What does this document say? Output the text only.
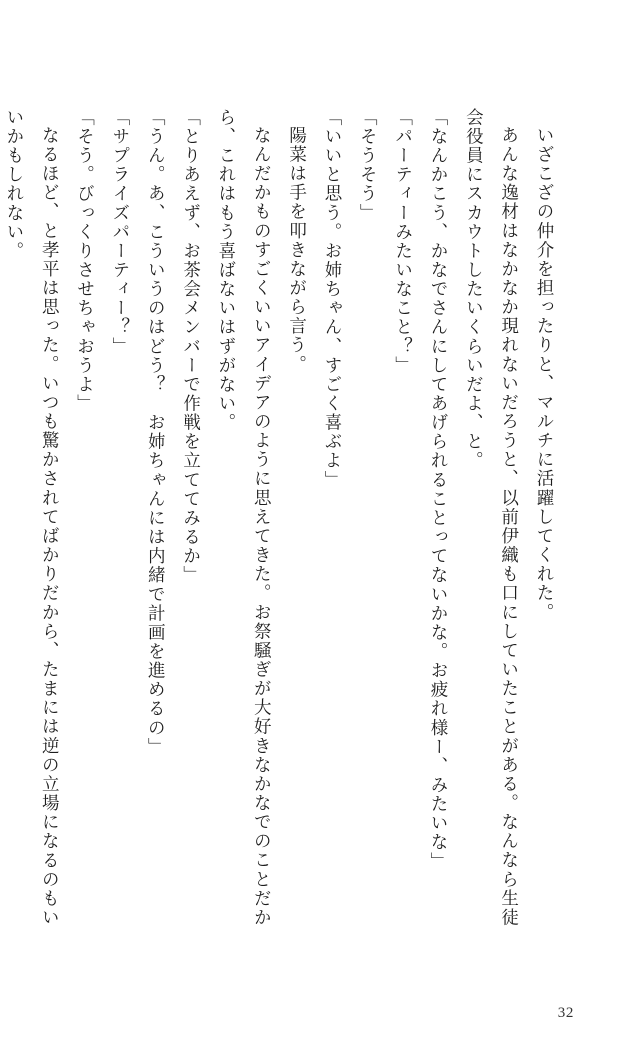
いざこざの仲介を担ったりと、マルチに活躍してくれた。

あんな逸材はなかなか現れないだろうと、以前伊織も口にしていたことがある。なんなら生徒会役員にスカウトしたいくらいだよ、と。

「なんかこう、かなでさんにしてあげられることってないかな。お疲れ様ー、みたいな」

「パーティーみたいなこと？」

「そうそう」

「いいと思う。お姉ちゃん、すごく喜ぶよ」

陽菜は手を叩きながら言う。

なんだかものすごくいいアイデアのように思えてきた。お祭騒ぎが大好きなかなでのことだから、これはもう喜ばないはずがない。

「とりあえず、お茶会メンバーで作戦を立ててみるか」

「うん。あ、こういうのはどう？　お姉ちゃんには内緒で計画を進めるの」

「サプライズパーティー？」

「そう。びっくりさせちゃおうよ」

なるほど、と孝平は思った。いつも驚かされてばかりだから、たまには逆の立場になるのもいいかもしれない。

32
